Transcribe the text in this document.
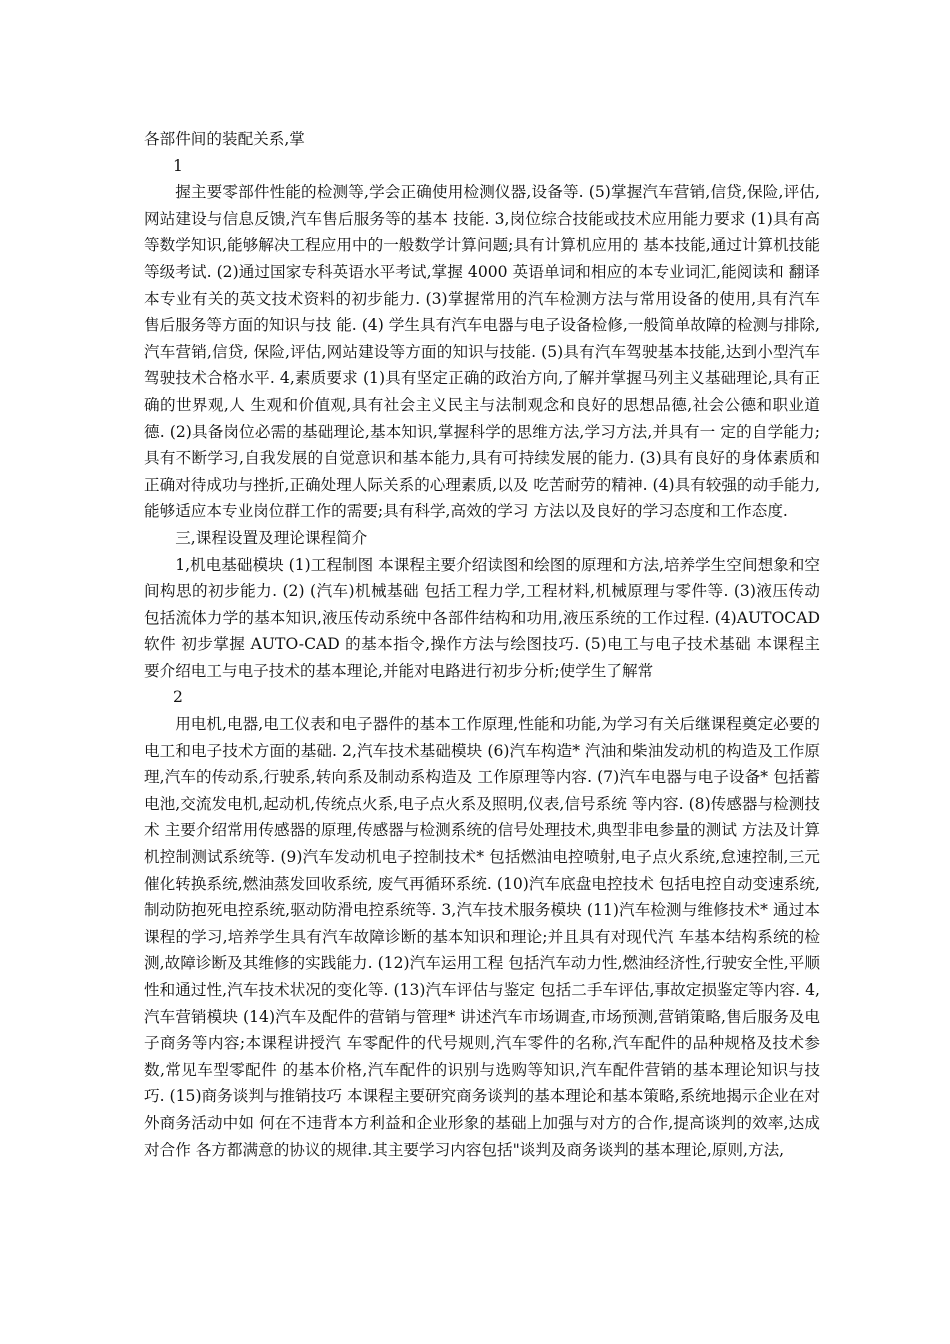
各部件间的装配关系,掌

1

握主要零部件性能的检测等,学会正确使用检测仪器,设备等. (5)掌握汽车营销,信贷,保险,评估,网站建设与信息反馈,汽车售后服务等的基本 技能. 3,岗位综合技能或技术应用能力要求 (1)具有高等数学知识,能够解决工程应用中的一般数学计算问题;具有计算机应用的 基本技能,通过计算机技能等级考试. (2)通过国家专科英语水平考试,掌握 4000 英语单词和相应的本专业词汇,能阅读和 翻译本专业有关的英文技术资料的初步能力. (3)掌握常用的汽车检测方法与常用设备的使用,具有汽车售后服务等方面的知识与技 能. (4) 学生具有汽车电器与电子设备检修,一般简单故障的检测与排除,汽车营销,信贷, 保险,评估,网站建设等方面的知识与技能. (5)具有汽车驾驶基本技能,达到小型汽车驾驶技术合格水平. 4,素质要求 (1)具有坚定正确的政治方向,了解并掌握马列主义基础理论,具有正确的世界观,人 生观和价值观,具有社会主义民主与法制观念和良好的思想品德,社会公德和职业道德. (2)具备岗位必需的基础理论,基本知识,掌握科学的思维方法,学习方法,并具有一 定的自学能力;具有不断学习,自我发展的自觉意识和基本能力,具有可持续发展的能力. (3)具有良好的身体素质和正确对待成功与挫折,正确处理人际关系的心理素质,以及 吃苦耐劳的精神. (4)具有较强的动手能力,能够适应本专业岗位群工作的需要;具有科学,高效的学习 方法以及良好的学习态度和工作态度.

三,课程设置及理论课程简介

1,机电基础模块 (1)工程制图 本课程主要介绍读图和绘图的原理和方法,培养学生空间想象和空间构思的初步能力. (2) (汽车)机械基础 包括工程力学,工程材料,机械原理与零件等. (3)液压传动 包括流体力学的基本知识,液压传动系统中各部件结构和功用,液压系统的工作过程. (4)AUTOCAD 软件 初步掌握 AUTO-CAD 的基本指令,操作方法与绘图技巧. (5)电工与电子技术基础 本课程主要介绍电工与电子技术的基本理论,并能对电路进行初步分析;使学生了解常

2

用电机,电器,电工仪表和电子器件的基本工作原理,性能和功能,为学习有关后继课程奠定必要的电工和电子技术方面的基础. 2,汽车技术基础模块 (6)汽车构造* 汽油和柴油发动机的构造及工作原理,汽车的传动系,行驶系,转向系及制动系构造及 工作原理等内容. (7)汽车电器与电子设备* 包括蓄电池,交流发电机,起动机,传统点火系,电子点火系及照明,仪表,信号系统 等内容. (8)传感器与检测技术 主要介绍常用传感器的原理,传感器与检测系统的信号处理技术,典型非电参量的测试 方法及计算机控制测试系统等. (9)汽车发动机电子控制技术* 包括燃油电控喷射,电子点火系统,怠速控制,三元催化转换系统,燃油蒸发回收系统, 废气再循环系统. (10)汽车底盘电控技术 包括电控自动变速系统,制动防抱死电控系统,驱动防滑电控系统等. 3,汽车技术服务模块 (11)汽车检测与维修技术* 通过本课程的学习,培养学生具有汽车故障诊断的基本知识和理论;并且具有对现代汽 车基本结构系统的检测,故障诊断及其维修的实践能力. (12)汽车运用工程 包括汽车动力性,燃油经济性,行驶安全性,平顺性和通过性,汽车技术状况的变化等. (13)汽车评估与鉴定 包括二手车评估,事故定损鉴定等内容. 4,汽车营销模块 (14)汽车及配件的营销与管理* 讲述汽车市场调查,市场预测,营销策略,售后服务及电子商务等内容;本课程讲授汽 车零配件的代号规则,汽车零件的名称,汽车配件的品种规格及技术参数,常见车型零配件 的基本价格,汽车配件的识别与选购等知识,汽车配件营销的基本理论知识与技巧. (15)商务谈判与推销技巧 本课程主要研究商务谈判的基本理论和基本策略,系统地揭示企业在对外商务活动中如 何在不违背本方利益和企业形象的基础上加强与对方的合作,提高谈判的效率,达成对合作 各方都满意的协议的规律.其主要学习内容包括"谈判及商务谈判的基本理论,原则,方法,
